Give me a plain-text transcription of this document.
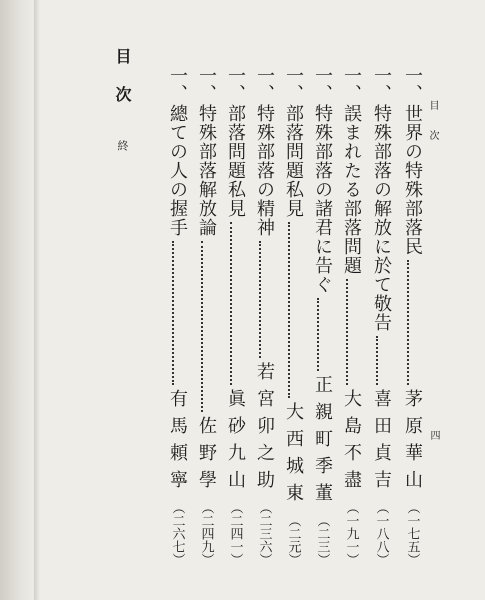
目次
四
目次
終
一、
世界の特殊部落民
茅原華山
（一七五）
一、
特殊部落の解放に於て敬告
喜田貞吉
（一八八）
一、
誤まれたる部落問題
大島不盡
（一九一）
一、
特殊部落の諸君に告ぐ
正親町季董
（二三）
一、
部落問題私見
大西城東
（二元）
一、
特殊部落の精神
若宮卯之助
（二三六）
一、
部落問題私見
眞砂九山
（二四一）
一、
特殊部落解放論
佐野學
（二四九）
一、
總ての人の握手
有馬頼寧
（二六七）
